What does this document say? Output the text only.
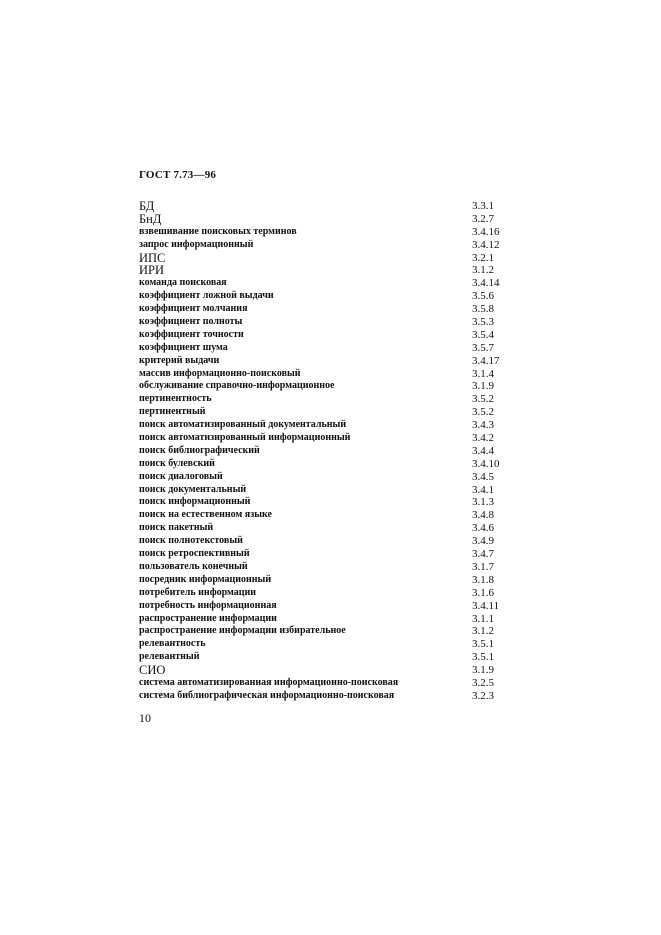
ГОСТ 7.73—96
БД	3.3.1
БнД	3.2.7
взвешивание поисковых терминов	3.4.16
запрос информационный	3.4.12
ИПС	3.2.1
ИРИ	3.1.2
команда поисковая	3.4.14
коэффициент ложной выдачи	3.5.6
коэффициент молчания	3.5.8
коэффициент полноты	3.5.3
коэффициент точности	3.5.4
коэффициент шума	3.5.7
критерий выдачи	3.4.17
массив информационно-поисковый	3.1.4
обслуживание справочно-информационное	3.1.9
пертинентность	3.5.2
пертинентный	3.5.2
поиск автоматизированный документальный	3.4.3
поиск автоматизированный информационный	3.4.2
поиск библиографический	3.4.4
поиск булевский	3.4.10
поиск диалоговый	3.4.5
поиск документальный	3.4.1
поиск информационный	3.1.3
поиск на естественном языке	3.4.8
поиск пакетный	3.4.6
поиск полнотекстовый	3.4.9
поиск ретроспективный	3.4.7
пользователь конечный	3.1.7
посредник информационный	3.1.8
потребитель информации	3.1.6
потребность информационная	3.4.11
распространение информации	3.1.1
распространение информации избирательное	3.1.2
релевантность	3.5.1
релевантный	3.5.1
СИО	3.1.9
система автоматизированная информационно-поисковая	3.2.5
система библиографическая информационно-поисковая	3.2.3
10
